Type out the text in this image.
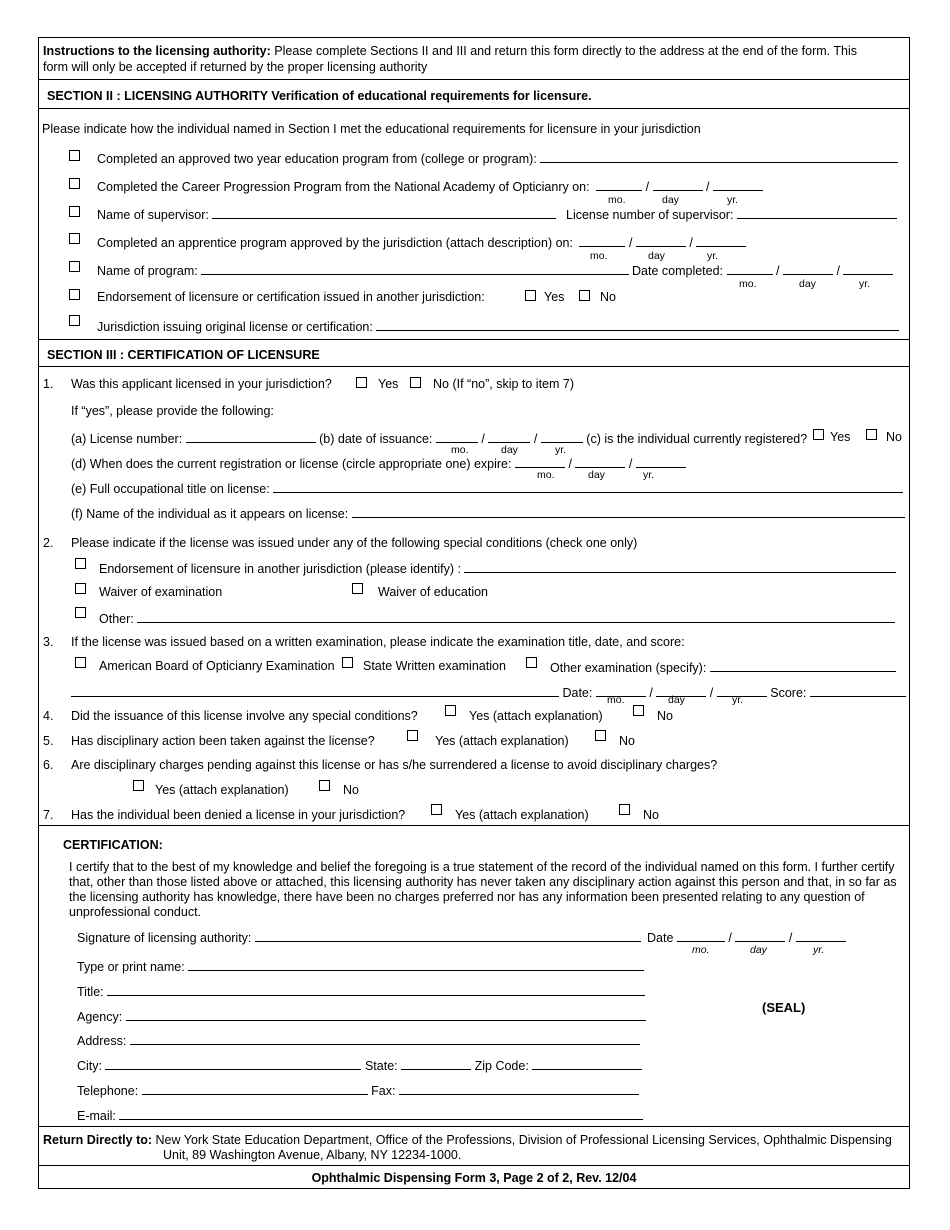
Instructions to the licensing authority: Please complete Sections II and III and return this form directly to the address at the end of the form. This
form will only be accepted if returned by the proper licensing authority
SECTION II : LICENSING AUTHORITY Verification of educational requirements for licensure.
Please indicate how the individual named in Section I met the educational requirements for licensure in your jurisdiction
Completed an approved two year education program from (college or program):
Completed the Career Progression Program from the National Academy of Opticianry on:	/	/
mo.	day	yr.
Name of supervisor:	License number of supervisor:
Completed an apprentice program approved by the jurisdiction (attach description) on:	/	/
mo.	day	yr.
Name of program:	Date completed:	/	/
mo.	day	yr.
Endorsement of licensure or certification issued in another jurisdiction:	Yes	No
Jurisdiction issuing original license or certification:
SECTION III : CERTIFICATION OF LICENSURE
1. Was this applicant licensed in your jurisdiction?	Yes	No (If “no”, skip to item 7)
If “yes”, please provide the following:
(a) License number:	(b) date of issuance:	/	/	(c) is the individual currently registered? Yes	No
mo.	day	yr.
(d) When does the current registration or license (circle appropriate one) expire:	/	/
mo.	day	yr.
(e) Full occupational title on license:
(f) Name of the individual as it appears on license:
2. Please indicate if the license was issued under any of the following special conditions (check one only)
Endorsement of licensure in another jurisdiction (please identify) :
Waiver of examination	Waiver of education
Other:
3. If the license was issued based on a written examination, please indicate the examination title, date, and score:
American Board of Opticianry Examination State Written examination	Other examination (specify):
Date:	/	/	Score:
mo.	day	yr.
4. Did the issuance of this license involve any special conditions?	Yes (attach explanation)	No
5. Has disciplinary action been taken against the license?	Yes (attach explanation)	No
6. Are disciplinary charges pending against this license or has s/he surrendered a license to avoid disciplinary charges?
Yes (attach explanation)	No
7. Has the individual been denied a license in your jurisdiction?	Yes (attach explanation)	No
CERTIFICATION:
I certify that to the best of my knowledge and belief the foregoing is a true statement of the record of the individual named on this form. I further certify
that, other than those listed above or attached, this licensing authority has never taken any disciplinary action against this person and that, in so far as
the licensing authority has knowledge, there have been no charges preferred nor has any information been presented relating to any question of
unprofessional conduct.
Signature of licensing authority:	Date	/	/
mo.	day	yr.
Type or print name:
Title:
(SEAL)
Agency:
Address:
City:	State:	Zip Code:
Telephone:	Fax:
E-mail:
Return Directly to: New York State Education Department, Office of the Professions, Division of Professional Licensing Services, Ophthalmic Dispensing
Unit, 89 Washington Avenue, Albany, NY 12234-1000.
Ophthalmic Dispensing Form 3, Page 2 of 2, Rev. 12/04
